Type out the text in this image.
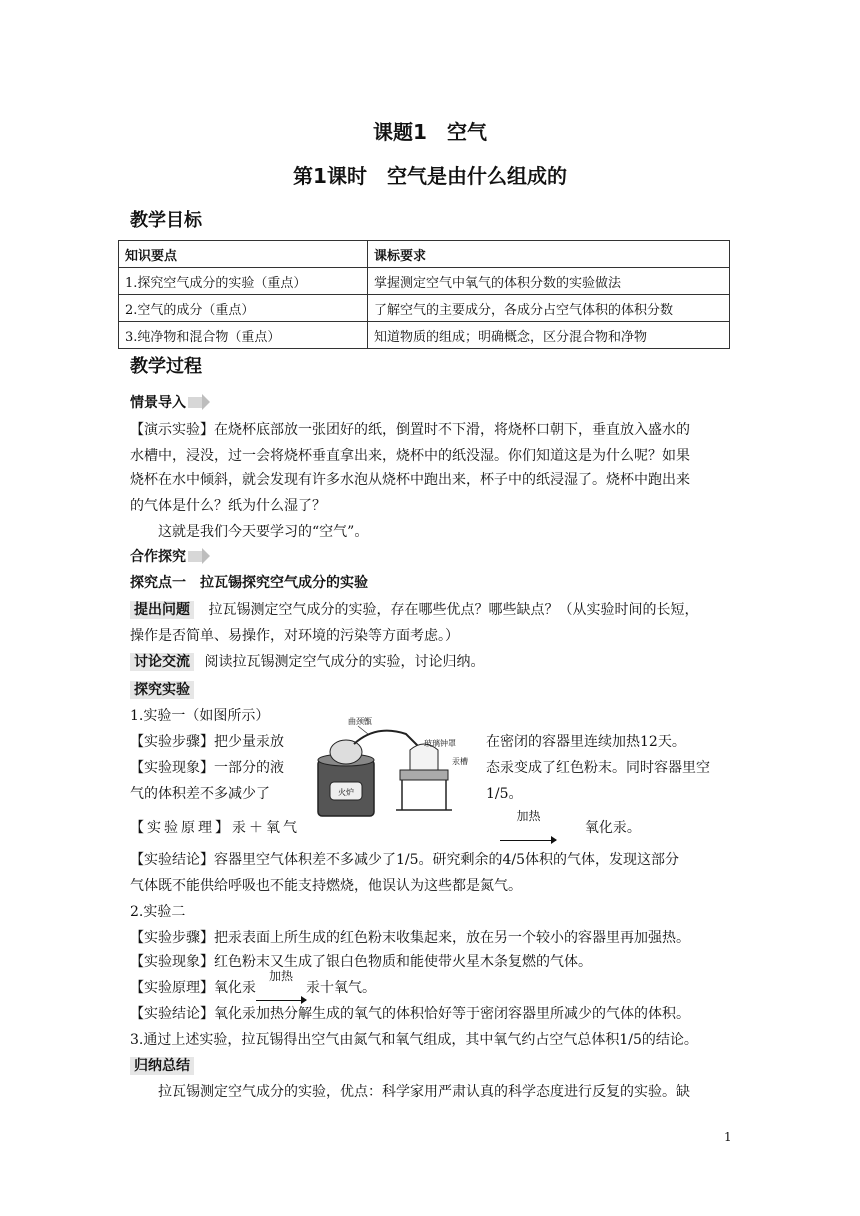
课题1　空气
第1课时　空气是由什么组成的
教学目标
知识要点	课标要求
1.探究空气成分的实验（重点）	掌握测定空气中氧气的体积分数的实验做法
2.空气的成分（重点）	了解空气的主要成分，各成分占空气体积的体积分数
3.纯净物和混合物（重点）	知道物质的组成；明确概念，区分混合物和净物
教学过程
情景导入
【演示实验】在烧杯底部放一张团好的纸，倒置时不下滑，将烧杯口朝下，垂直放入盛水的
水槽中，浸没，过一会将烧杯垂直拿出来，烧杯中的纸没湿。你们知道这是为什么呢？如果
烧杯在水中倾斜，就会发现有许多水泡从烧杯中跑出来，杯子中的纸浸湿了。烧杯中跑出来
的气体是什么？纸为什么湿了？
这就是我们今天要学习的“空气”。
合作探究
探究点一　拉瓦锡探究空气成分的实验
提出问题 拉瓦锡测定空气成分的实验，存在哪些优点？哪些缺点？（从实验时间的长短，
操作是否简单、易操作，对环境的污染等方面考虑。）
讨论交流 阅读拉瓦锡测定空气成分的实验，讨论归纳。
探究实验
1.实验一（如图所示）
【实验步骤】把少量汞放	在密闭的容器里连续加热12天。
【实验现象】一部分的液	态汞变成了红色粉末。同时容器里空
气的体积差不多减少了	1/5。
火炉
曲颈甑
玻璃钟罩
汞槽
【实验原理】汞＋氧气
加热
氧化汞。
【实验结论】容器里空气体积差不多减少了1/5。研究剩余的4/5体积的气体，发现这部分
气体既不能供给呼吸也不能支持燃烧，他误认为这些都是氮气。
2.实验二
【实验步骤】把汞表面上所生成的红色粉末收集起来，放在另一个较小的容器里再加强热。
【实验现象】红色粉末又生成了银白色物质和能使带火星木条复燃的气体。
【实验原理】氧化汞
加热
汞十氧气。
【实验结论】氧化汞加热分解生成的氧气的体积恰好等于密闭容器里所减少的气体的体积。
3.通过上述实验，拉瓦锡得出空气由氮气和氧气组成，其中氧气约占空气总体积1/5的结论。
归纳总结
拉瓦锡测定空气成分的实验，优点：科学家用严肃认真的科学态度进行反复的实验。缺
1
